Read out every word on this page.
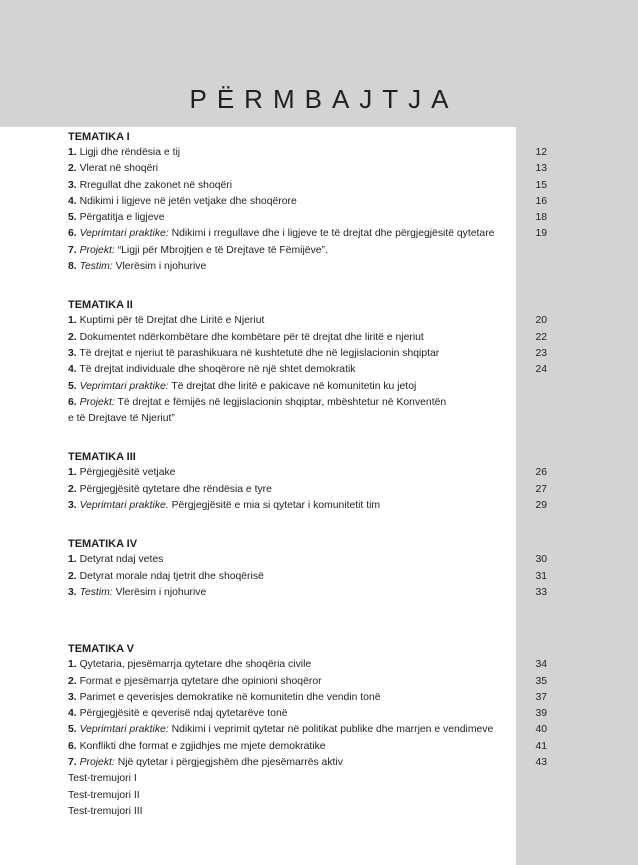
PËRMBAJTJA
TEMATIKA I
1. Ligji dhe rëndësia e tij	12
2. Vlerat në shoqëri	13
3. Rregullat dhe zakonet në shoqëri	15
4. Ndikimi i ligjeve në jetën vetjake dhe shoqërore	16
5. Përgatitja e ligjeve	18
6. Veprimtari praktike: Ndikimi i rregullave dhe i ligjeve te të drejtat dhe përgjegjësitë qytetare	19
7. Projekt: “Ligji për Mbrojtjen e të Drejtave të Fëmijëve”.
8. Testim: Vlerësim i njohurive
TEMATIKA II
1. Kuptimi për të Drejtat dhe Liritë e Njeriut	20
2. Dokumentet ndërkombëtare dhe kombëtare për të drejtat dhe liritë e njeriut	22
3. Të drejtat e njeriut të parashikuara në kushtetutë dhe në legjislacionin shqiptar	23
4. Të drejtat individuale dhe shoqërore në një shtet demokratik	24
5. Veprimtari praktike: Të drejtat dhe liritë e pakicave në komunitetin ku jetoj
6. Projekt: Të drejtat e fëmijës në legjislacionin shqiptar, mbështetur në Konventën
e të Drejtave të Njeriut”
TEMATIKA III
1. Përgjegjësitë vetjake	26
2. Përgjegjësitë qytetare dhe rëndësia e tyre	27
3. Veprimtari praktike. Përgjegjësitë e mia si qytetar i komunitetit tim	29
TEMATIKA IV
1. Detyrat ndaj vetes	30
2. Detyrat morale ndaj tjetrit dhe shoqërisë	31
3. Testim: Vlerësim i njohurive	33
TEMATIKA V
1. Qytetaria, pjesëmarrja qytetare dhe shoqëria civile	34
2. Format e pjesëmarrja qytetare dhe opinioni shoqëror	35
3. Parimet e qeverisjes demokratike në komunitetin dhe vendin tonë	37
4. Përgjegjësitë e qeverisë ndaj qytetarëve tonë	39
5. Veprimtari praktike: Ndikimi i veprimit qytetar në politikat publike dhe marrjen e vendimeve	40
6. Konflikti dhe format e zgjidhjes me mjete demokratike	41
7. Projekt: Një qytetar i përgjegjshëm dhe pjesëmarrës aktiv	43
Test-tremujori I
Test-tremujori II
Test-tremujori III
